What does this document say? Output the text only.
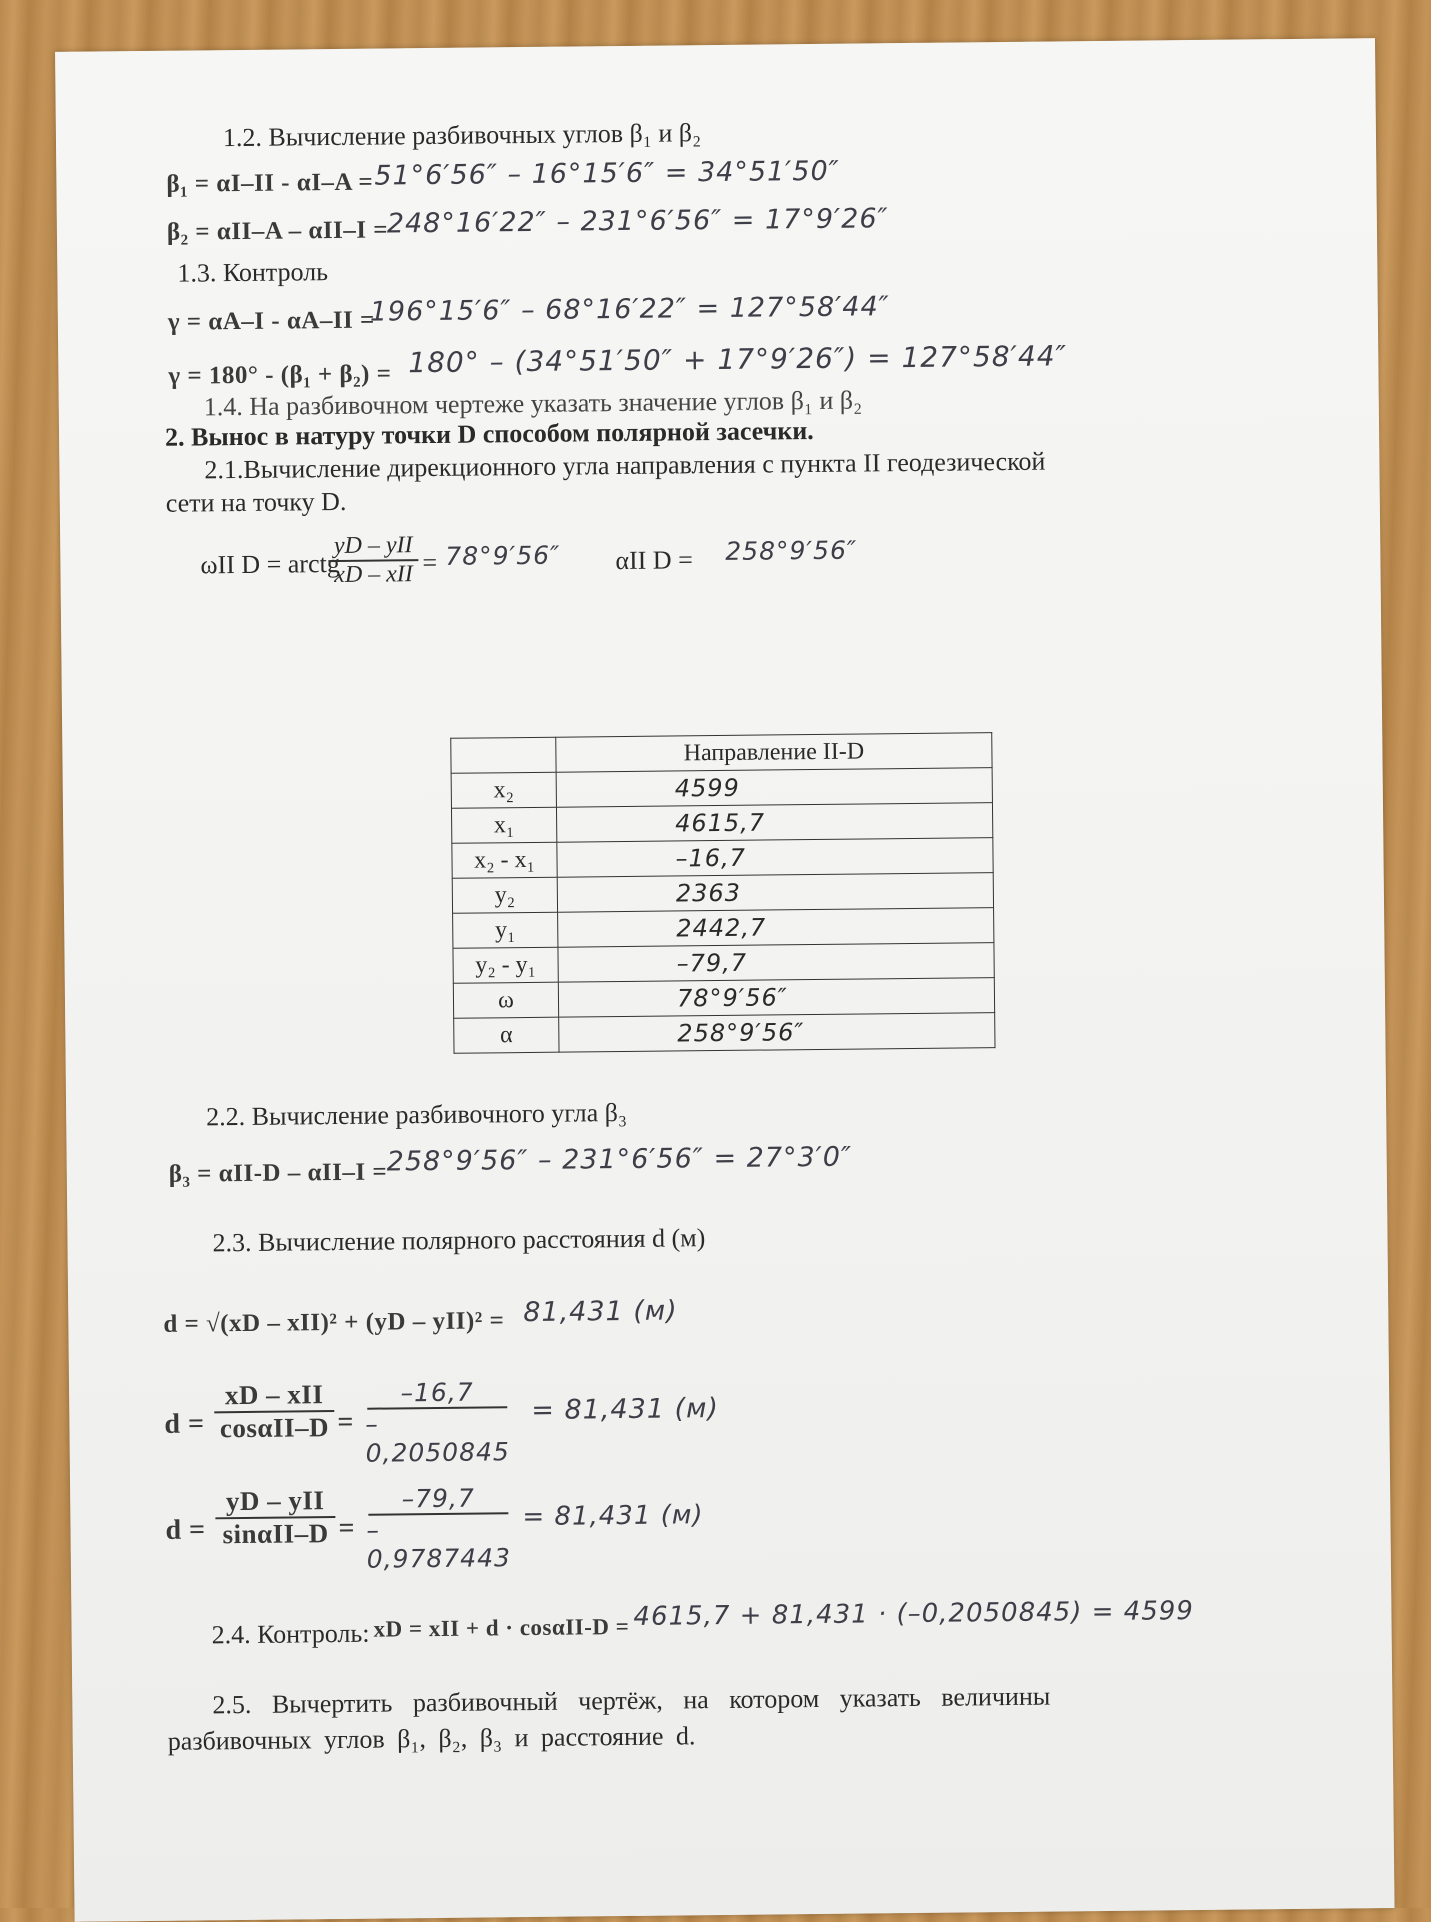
1.2. Вычисление разбивочных углов β₁ и β₂
β₁ = αI–II - αI–A = 51°6′56″ – 16°15′6″ = 34°51′50″
β₂ = αII–A – αII–I =
248°16′22″ – 231°6′56″ = 17°9′26″
1.3. Контроль
γ = αA–I - αA–II =
196°15′6″ – 68°16′22″ = 127°58′44″
γ = 180° - (β₁ + β₂) = 180° – (34°51′50″ + 17°9′26″) = 127°58′44″
1.4. На разбивочном чертеже указать значение углов β₁ и β₂
2. Вынос в натуру точки D способом полярной засечки.
2.1.Вычисление дирекционного угла направления с пункта II геодезической
сети на точку D.
ωII D = arctg
yD – yII
xD – xII = 78°9′56″ αII D = 258°9′56″
	Направление II-D
x₂	4599
x₁	4615,7
x₂ - x₁	–16,7
y₂	2363
y₁	2442,7
y₂ - y₁	–79,7
ω	78°9′56″
α	258°9′56″
2.2. Вычисление разбивочного угла β₃
β₃ = αII-D – αII–I = 258°9′56″ – 231°6′56″ = 27°3′0″
2.3. Вычисление полярного расстояния d (м)
d = √(xD – xII)² + (yD – yII)² = 81,431 (м)
d =
xD – xII
cosαII–D =
–16,7
–0,2050845
= 81,431 (м)
d =
yD – yII
sinαII–D =
–79,7
–0,9787443
= 81,431 (м)
2.4. Контроль: xD = xII + d · cosαII-D = 4615,7 + 81,431 · (–0,2050845) = 4599
2.5. Вычертить разбивочный чертёж, на котором указать величины
разбивочных углов β₁, β₂, β₃ и расстояние d.
